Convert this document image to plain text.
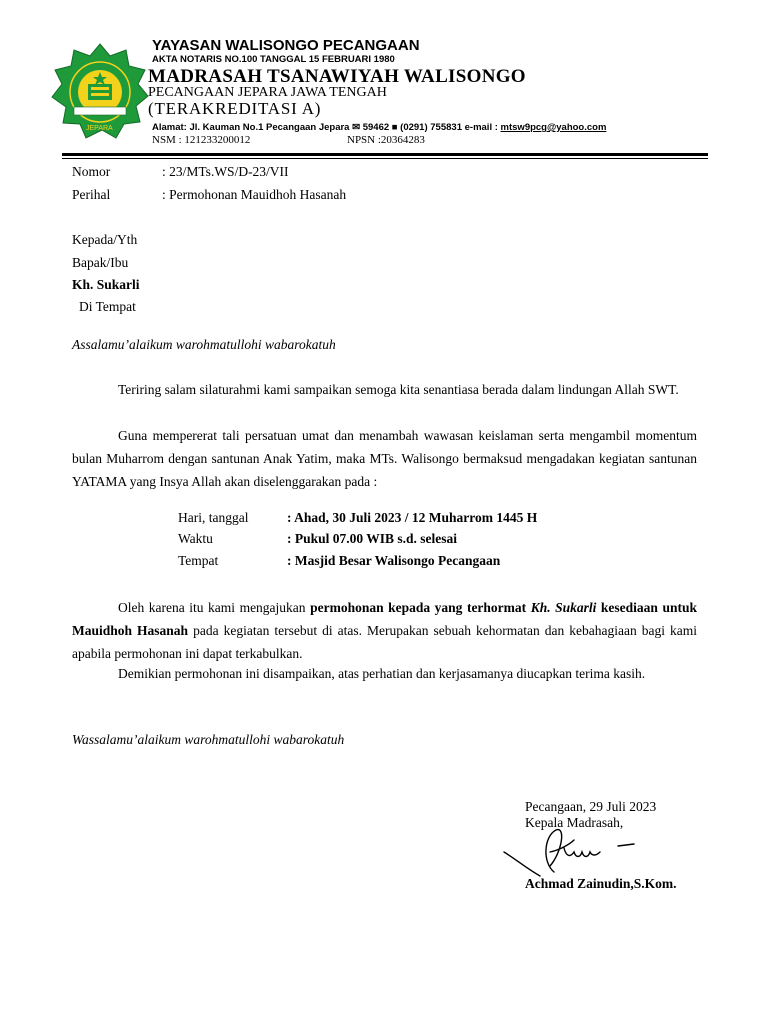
JEPARA
YAYASAN WALISONGO PECANGAAN
AKTA NOTARIS NO.100 TANGGAL 15 FEBRUARI 1980
MADRASAH TSANAWIYAH WALISONGO
PECANGAAN JEPARA JAWA TENGAH
(TERAKREDITASI A)
Alamat: Jl. Kauman No.1 Pecangaan Jepara ✉ 59462 ■ (0291) 755831 e-mail : mtsw9pcg@yahoo.com
NSM : 121233200012	NPSN :20364283
Nomor	: 23/MTs.WS/D-23/VII
Perihal	: Permohonan Mauidhoh Hasanah
Kepada/Yth
Bapak/Ibu
Kh. Sukarli
Di Tempat
Assalamu’alaikum warohmatullohi wabarokatuh

Teriring salam silaturahmi kami sampaikan semoga kita senantiasa berada dalam lindungan Allah SWT.

Guna mempererat tali persatuan umat dan menambah wawasan keislaman serta mengambil momentum bulan Muharrom dengan santunan Anak Yatim, maka MTs. Walisongo bermaksud mengadakan kegiatan santunan YATAMA yang Insya Allah akan diselenggarakan pada :

Hari, tanggal	: Ahad, 30 Juli 2023 / 12 Muharrom 1445 H
Waktu	: Pukul 07.00 WIB s.d. selesai
Tempat	: Masjid Besar Walisongo Pecangaan

Oleh karena itu kami mengajukan permohonan kepada yang terhormat Kh. Sukarli kesediaan untuk Mauidhoh Hasanah pada kegiatan tersebut di atas. Merupakan sebuah kehormatan dan kebahagiaan bagi kami apabila permohonan ini dapat terkabulkan.

Demikian permohonan ini disampaikan, atas perhatian dan kerjasamanya diucapkan terima kasih.

Wassalamu’alaikum warohmatullohi wabarokatuh
Pecangaan, 29 Juli 2023
Kepala Madrasah,
Achmad Zainudin,S.Kom.
